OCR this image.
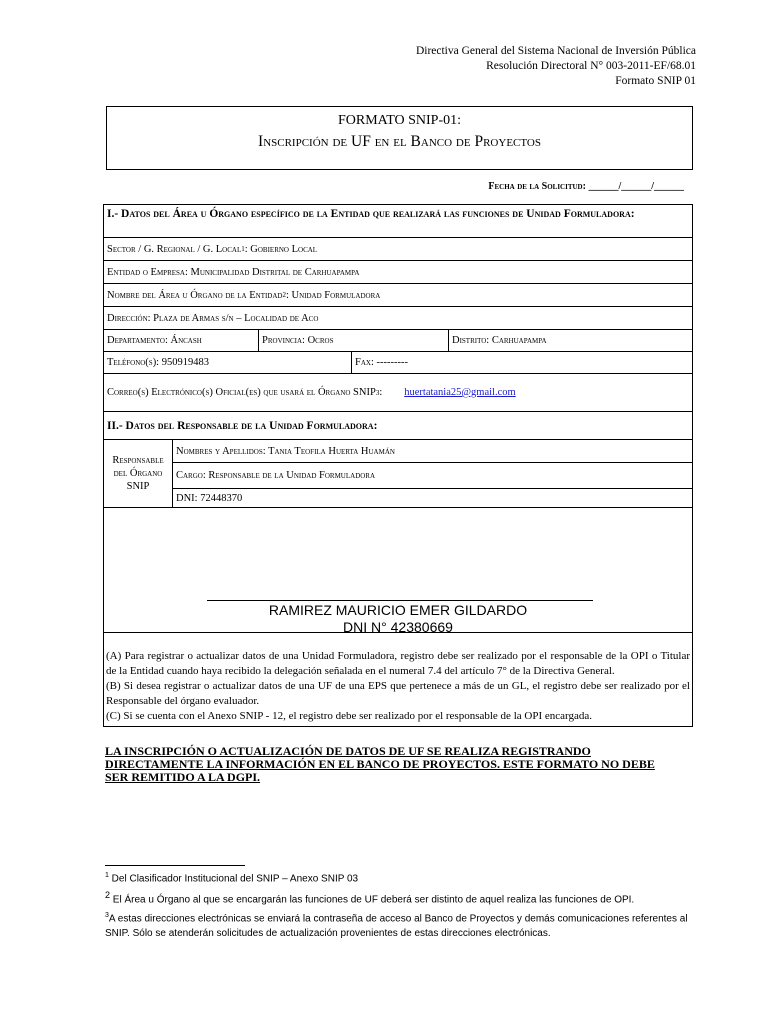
Directiva General del Sistema Nacional de Inversión Pública
Resolución Directoral N° 003-2011-EF/68.01
Formato SNIP 01
FORMATO SNIP-01:
Inscripción de UF en el Banco de Proyectos
Fecha de la Solicitud: ______/______/______
I.- Datos del Área u Órgano específico de la Entidad que realizará las funciones de Unidad Formuladora:
Sector / G. Regional / G. Local 1 : Gobierno Local
Entidad o Empresa: Municipalidad Distrital de Carhuapampa
Nombre del Área u Órgano de la Entidad 2 : Unidad Formuladora
Dirección: Plaza de Armas s/n – Localidad de Aco
Departamento: Áncash	Provincia: Ocros	Distrito: Carhuapampa
Teléfono(s): 950919483	Fax: ---------
Correo(s) Electrónico(s) Oficial(es) que usará el Órgano SNIP 3 : huertatania25@gmail.com
II.- Datos del Responsable de la Unidad Formuladora:
Responsable
del Órgano
SNIP
Nombres y Apellidos: Tania Teofila Huerta Huamán
Cargo: Responsable de la Unidad Formuladora
DNI: 72448370
RAMIREZ MAURICIO EMER GILDARDO
DNI N° 42380669
(A) Para registrar o actualizar datos de una Unidad Formuladora, registro debe ser realizado por el responsable de la OPI o Titular de la Entidad cuando haya recibido la delegación señalada en el numeral 7.4 del artículo 7° de la Directiva General.
(B) Si desea registrar o actualizar datos de una UF de una EPS que pertenece a más de un GL, el registro debe ser realizado por el Responsable del órgano evaluador.
(C) Si se cuenta con el Anexo SNIP - 12, el registro debe ser realizado por el responsable de la OPI encargada.
LA INSCRIPCIÓN O ACTUALIZACIÓN DE DATOS DE UF SE REALIZA REGISTRANDO DIRECTAMENTE LA INFORMACIÓN EN EL BANCO DE PROYECTOS. ESTE FORMATO NO DEBE SER REMITIDO A LA DGPI.
$^1$ Del Clasificador Institucional del SNIP – Anexo SNIP 03
$^2$ El Área u Órgano al que se encargarán las funciones de UF deberá ser distinto de aquel realiza las funciones de OPI.
$^3$A estas direcciones electrónicas se enviará la contraseña de acceso al Banco de Proyectos y demás comunicaciones referentes al SNIP. Sólo se atenderán solicitudes de actualización provenientes de estas direcciones electrónicas.
